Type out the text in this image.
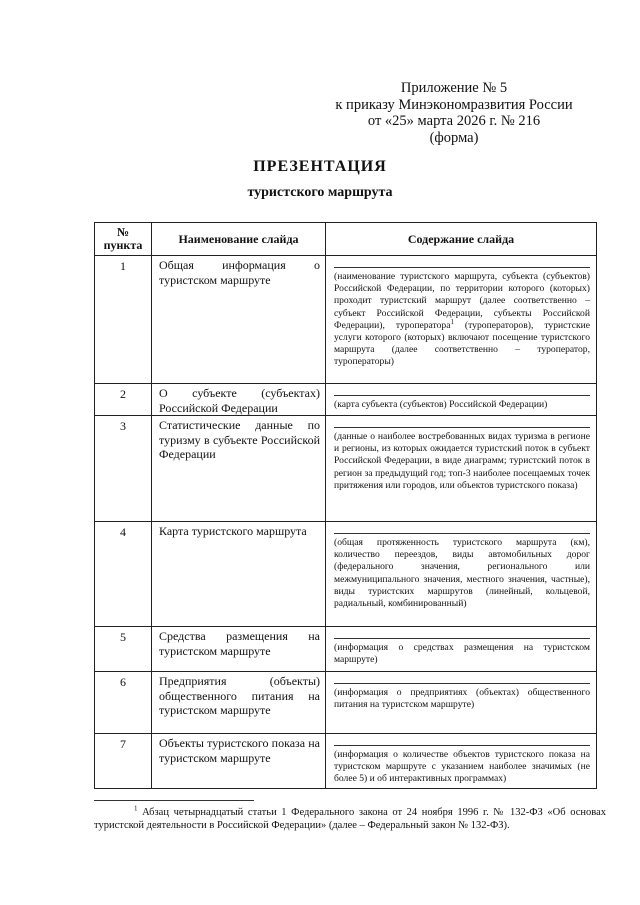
Приложение № 5
к приказу Минэкономразвития России
от «25» марта 2026 г. № 216
(форма)
ПРЕЗЕНТАЦИЯ
туристского маршрута
№
пункта	Наименование слайда	Содержание слайда
1	Общая информация о туристском маршруте	(наименование туристского маршрута, субъекта (субъектов) Российской Федерации, по территории которого (которых) проходит туристский маршрут (далее соответственно – субъект Российской Федерации, субъекты Российской Федерации), туроператора$^1$ (туроператоров), туристские услуги которого (которых) включают посещение туристского маршрута (далее соответственно – туроператор, туроператоры)

2	О субъекте (субъектах) Российской Федерации	(карта субъекта (субъектов) Российской Федерации)

3	Статистические данные по туризму в субъекте Российской Федерации	(данные о наиболее востребованных видах туризма в регионе и регионы, из которых ожидается туристский поток в субъект Российской Федерации, в виде диаграмм; туристский поток в регион за предыдущий год; топ-3 наиболее посещаемых точек притяжения или городов, или объектов туристского показа)

4	Карта туристского маршрута	(общая протяженность туристского маршрута (км), количество переездов, виды автомобильных дорог (федерального значения, регионального или межмуниципального значения, местного значения, частные), виды туристских маршрутов (линейный, кольцевой, радиальный, комбинированный)

5	Средства размещения на туристском маршруте	(информация о средствах размещения на туристском маршруте)

6	Предприятия (объекты) общественного питания на туристском маршруте	(информация о предприятиях (объектах) общественного питания на туристском маршруте)

7	Объекты туристского показа на туристском маршруте	(информация о количестве объектов туристского показа на туристском маршруте с указанием наиболее значимых (не более 5) и об интерактивных программах)
$^1$ Абзац четырнадцатый статьи 1 Федерального закона от 24 ноября 1996 г. № 132-ФЗ «Об основах туристской деятельности в Российской Федерации» (далее – Федеральный закон № 132-ФЗ).
